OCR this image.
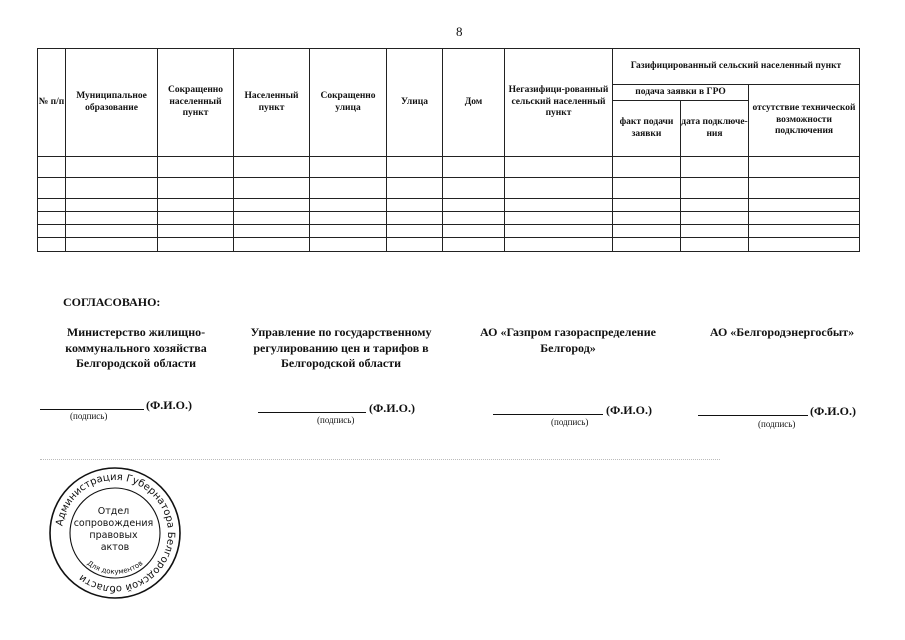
8
№ п/п	Муниципальное образование	Сокращенно населенный пункт	Населенный пункт	Сокращенно улица	Улица	Дом	Негазифици-рованный сельский населенный пункт	Газифицированный сельский населенный пункт		
								подача заявки в ГРО		отсутствие технической возможности подключения
								факт подачи заявки	дата подключе-ния	

СОГЛАСОВАНО:
Министерство жилищно-коммунального хозяйства Белгородской области
Управление по государственному регулированию цен и тарифов в Белгородской области
АО «Газпром газораспределение Белгород»
АО «Белгородэнергосбыт»
(Ф.И.О.)
(подпись)
(Ф.И.О.)
(подпись)
(Ф.И.О.)
(подпись)
(Ф.И.О.)
(подпись)
Администрация Губернатора Белгородской области
Отдел сопровождения правовых актов
Для документов
